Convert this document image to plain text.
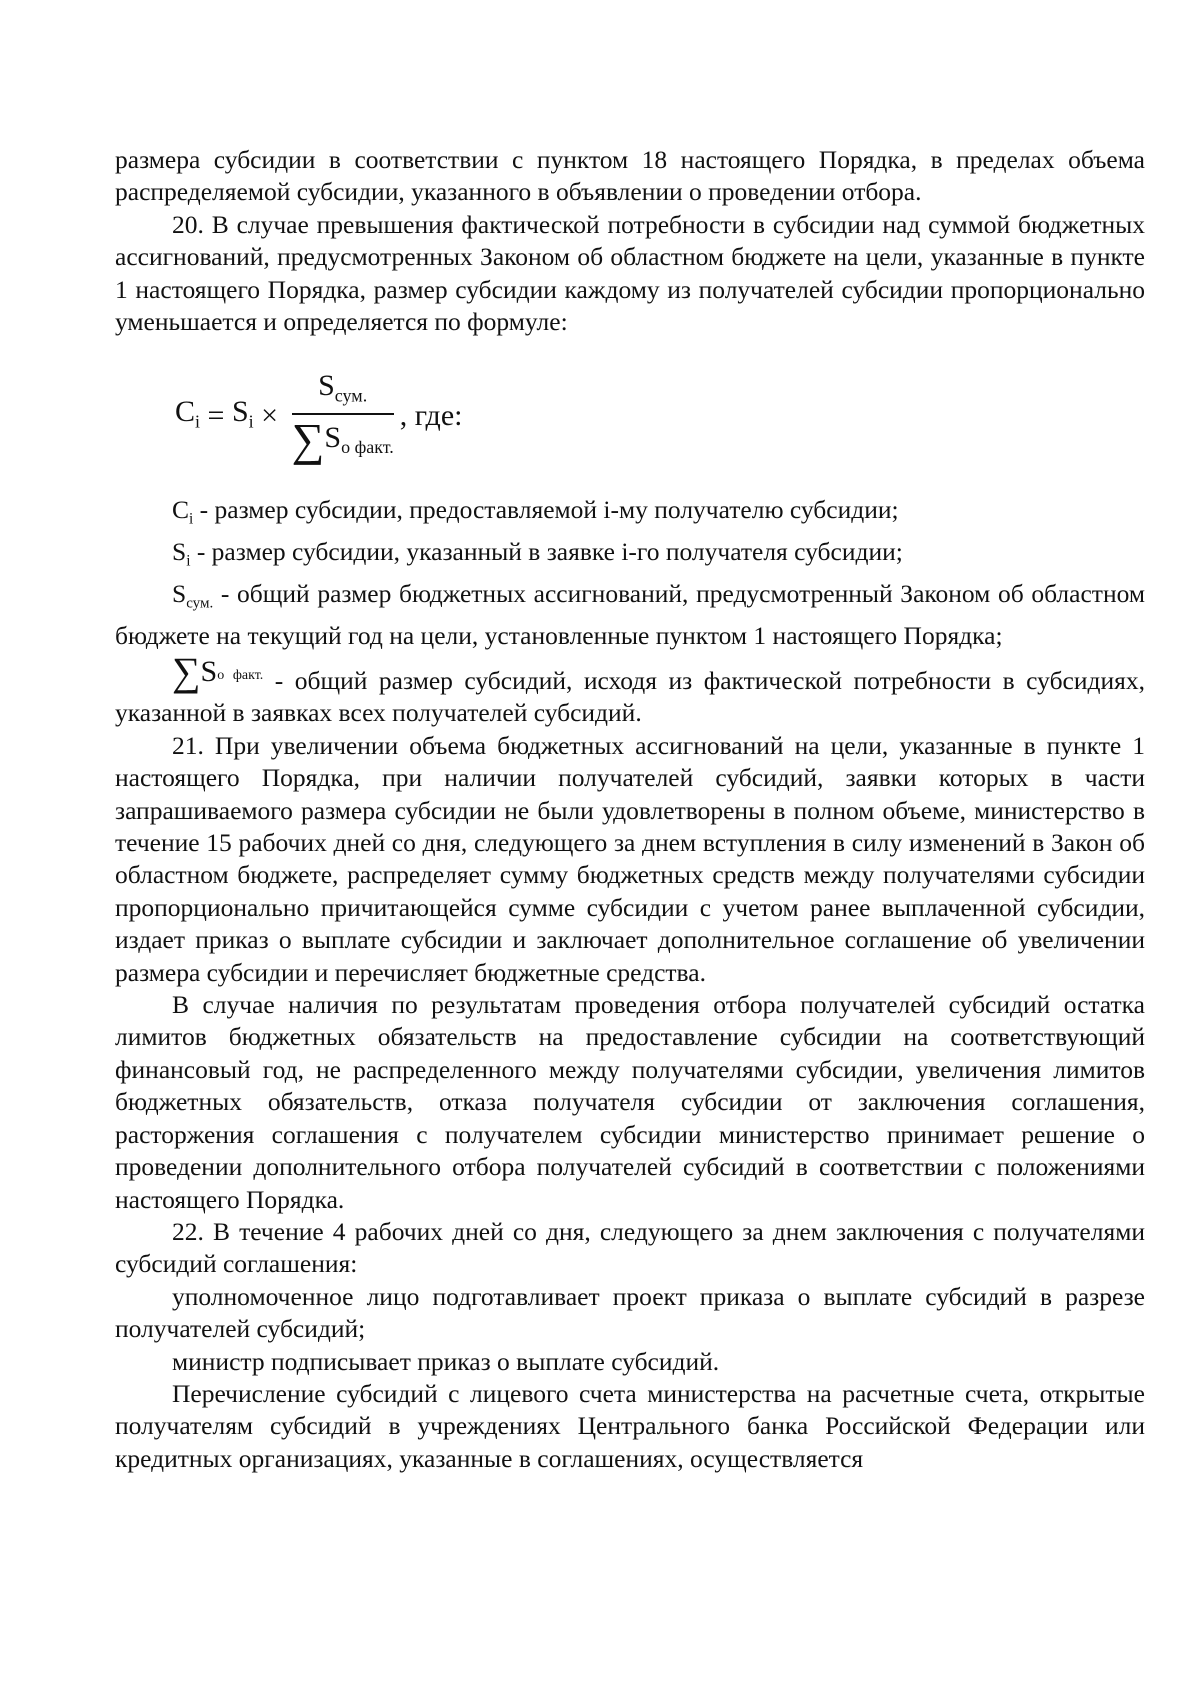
размера субсидии в соответствии с пунктом 18 настоящего Порядка, в пределах объема распределяемой субсидии, указанного в объявлении о проведении отбора.

20. В случае превышения фактической потребности в субсидии над суммой бюджетных ассигнований, предусмотренных Законом об областном бюджете на цели, указанные в пункте 1 настоящего Порядка, размер субсидии каждому из получателей субсидии пропорционально уменьшается и определяется по формуле:

$C_i = S_i \times \frac{S_{сум.}}{\sum S_{о факт.}}$ , где:

$C_i$ - размер субсидии, предоставляемой i-му получателю субсидии;

$S_i$ - размер субсидии, указанный в заявке i-го получателя субсидии;

$S_{сум.}$ - общий размер бюджетных ассигнований, предусмотренный Законом об областном бюджете на текущий год на цели, установленные пунктом 1 настоящего Порядка;

$\sum S_{о факт.}$ - общий размер субсидий, исходя из фактической потребности в субсидиях, указанной в заявках всех получателей субсидий.

21. При увеличении объема бюджетных ассигнований на цели, указанные в пункте 1 настоящего Порядка, при наличии получателей субсидий, заявки которых в части запрашиваемого размера субсидии не были удовлетворены в полном объеме, министерство в течение 15 рабочих дней со дня, следующего за днем вступления в силу изменений в Закон об областном бюджете, распределяет сумму бюджетных средств между получателями субсидии пропорционально причитающейся сумме субсидии с учетом ранее выплаченной субсидии, издает приказ о выплате субсидии и заключает дополнительное соглашение об увеличении размера субсидии и перечисляет бюджетные средства.

В случае наличия по результатам проведения отбора получателей субсидий остатка лимитов бюджетных обязательств на предоставление субсидии на соответствующий финансовый год, не распределенного между получателями субсидии, увеличения лимитов бюджетных обязательств, отказа получателя субсидии от заключения соглашения, расторжения соглашения с получателем субсидии министерство принимает решение о проведении дополнительного отбора получателей субсидий в соответствии с положениями настоящего Порядка.

22. В течение 4 рабочих дней со дня, следующего за днем заключения с получателями субсидий соглашения:

уполномоченное лицо подготавливает проект приказа о выплате субсидий в разрезе получателей субсидий;

министр подписывает приказ о выплате субсидий.

Перечисление субсидий с лицевого счета министерства на расчетные счета, открытые получателям субсидий в учреждениях Центрального банка Российской Федерации или кредитных организациях, указанные в соглашениях, осуществляется
